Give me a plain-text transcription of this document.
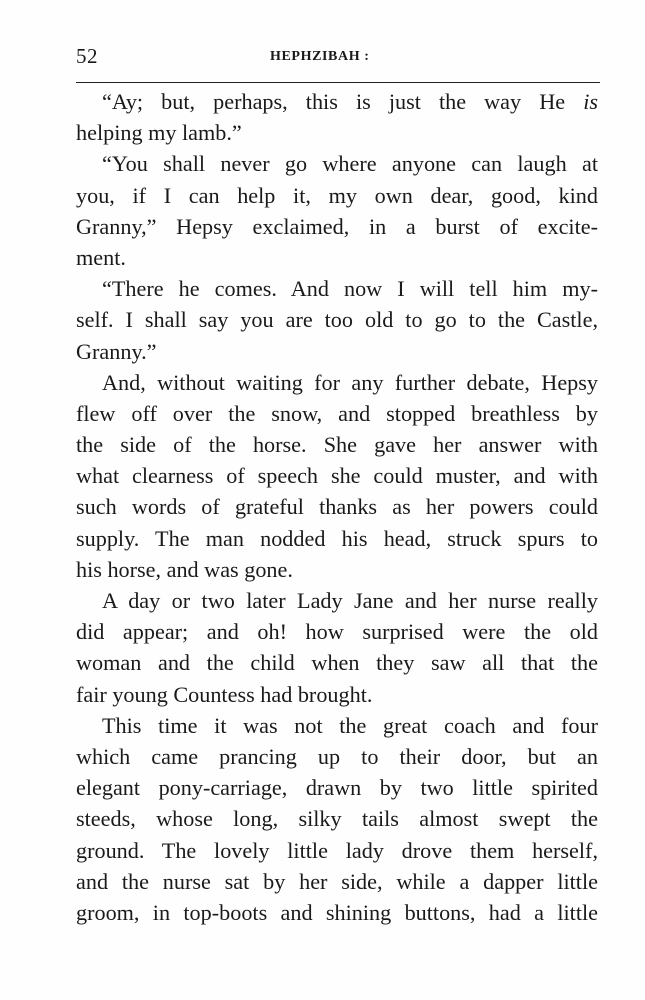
52	HEPHZIBAH :
“Ay; but, perhaps, this is just the way He is
helping my lamb.”
“You shall never go where anyone can laugh at
you, if I can help it, my own dear, good, kind
Granny,” Hepsy exclaimed, in a burst of excite-
ment.
“There he comes. And now I will tell him my-
self. I shall say you are too old to go to the Castle,
Granny.”
And, without waiting for any further debate, Hepsy
flew off over the snow, and stopped breathless by
the side of the horse. She gave her answer with
what clearness of speech she could muster, and with
such words of grateful thanks as her powers could
supply. The man nodded his head, struck spurs to
his horse, and was gone.
A day or two later Lady Jane and her nurse really
did appear; and oh! how surprised were the old
woman and the child when they saw all that the
fair young Countess had brought.
This time it was not the great coach and four
which came prancing up to their door, but an
elegant pony-carriage, drawn by two little spirited
steeds, whose long, silky tails almost swept the
ground. The lovely little lady drove them herself,
and the nurse sat by her side, while a dapper little
groom, in top-boots and shining buttons, had a little
